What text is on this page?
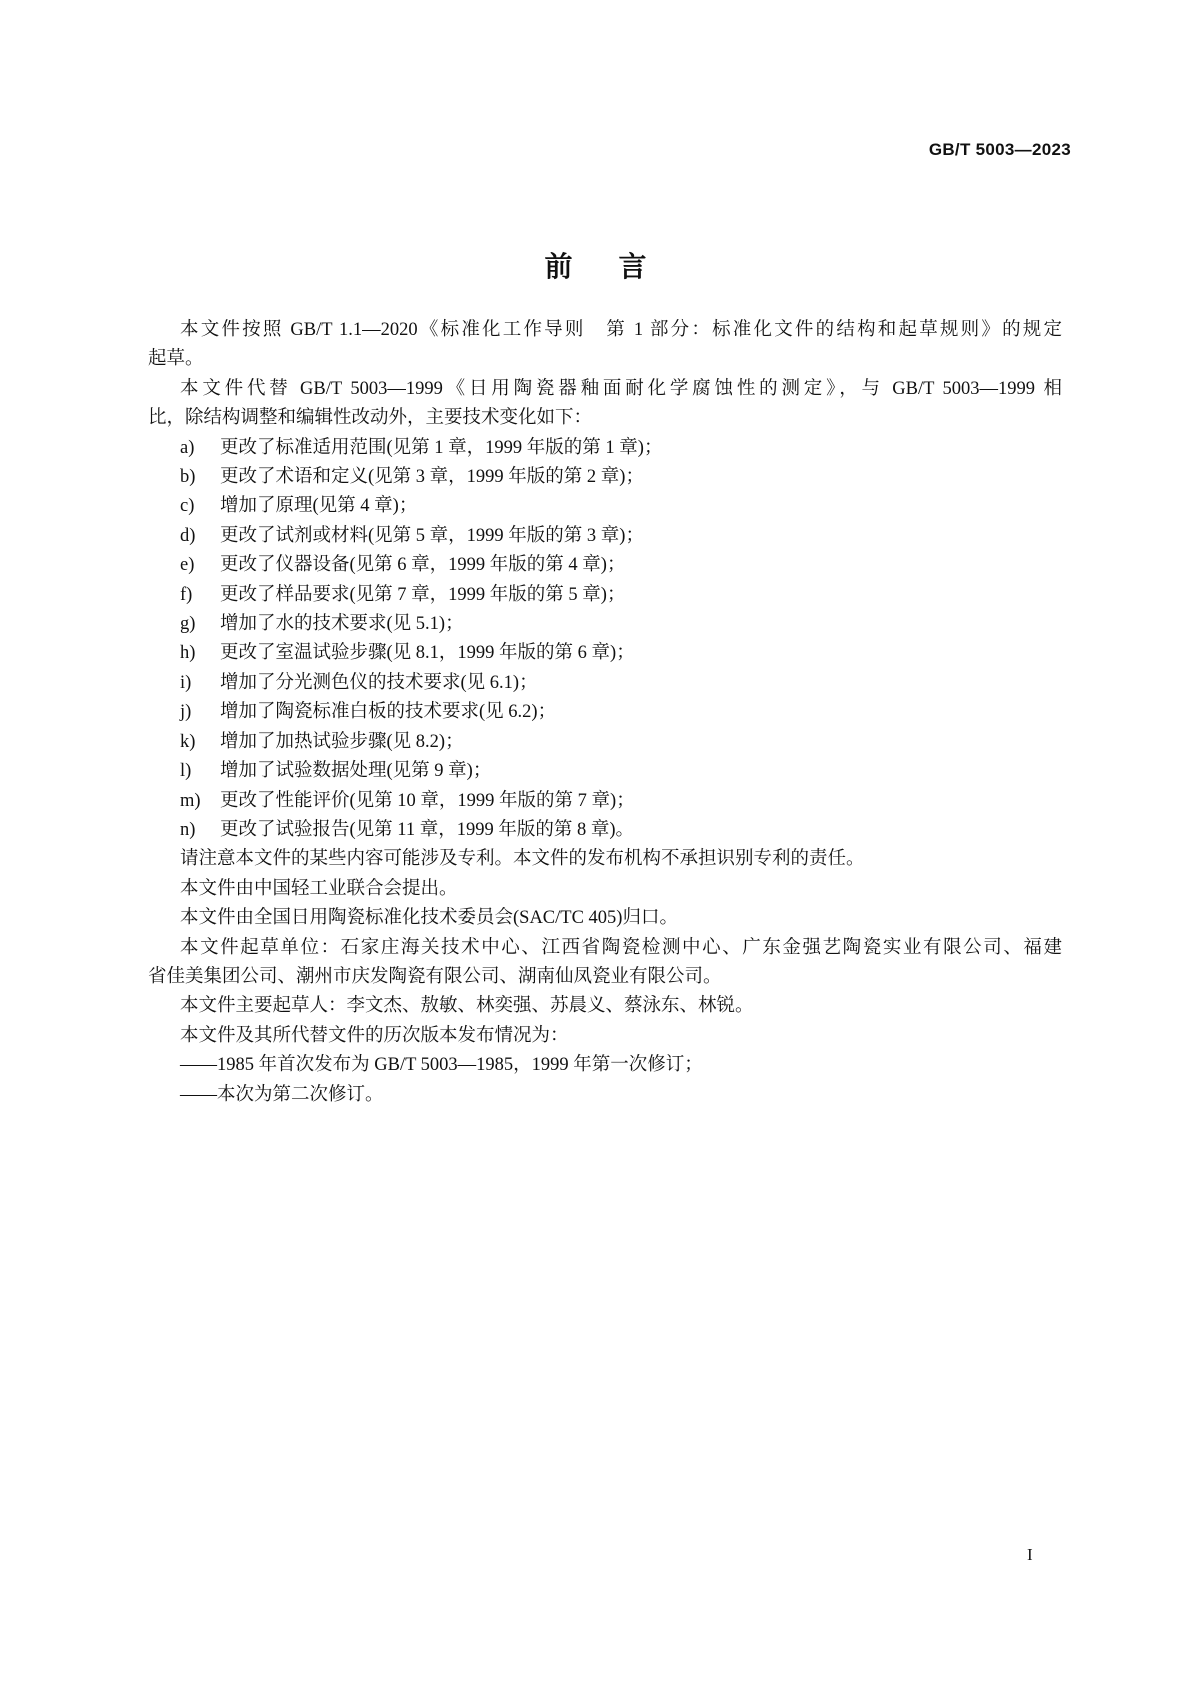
GB/T 5003—2023
前言
本文件按照 GB/T 1.1—2020《标准化工作导则　第 1 部分：标准化文件的结构和起草规则》的规定
起草。
本文件代替 GB/T 5003—1999《日用陶瓷器釉面耐化学腐蚀性的测定》，与 GB/T 5003—1999 相
比，除结构调整和编辑性改动外，主要技术变化如下：
a)	更改了标准适用范围(见第 1 章，1999 年版的第 1 章)；
b)	更改了术语和定义(见第 3 章，1999 年版的第 2 章)；
c)	增加了原理(见第 4 章)；
d)	更改了试剂或材料(见第 5 章，1999 年版的第 3 章)；
e)	更改了仪器设备(见第 6 章，1999 年版的第 4 章)；
f)	更改了样品要求(见第 7 章，1999 年版的第 5 章)；
g)	增加了水的技术要求(见 5.1)；
h)	更改了室温试验步骤(见 8.1，1999 年版的第 6 章)；
i)	增加了分光测色仪的技术要求(见 6.1)；
j)	增加了陶瓷标准白板的技术要求(见 6.2)；
k)	增加了加热试验步骤(见 8.2)；
l)	增加了试验数据处理(见第 9 章)；
m)	更改了性能评价(见第 10 章，1999 年版的第 7 章)；
n)	更改了试验报告(见第 11 章，1999 年版的第 8 章)。
请注意本文件的某些内容可能涉及专利。本文件的发布机构不承担识别专利的责任。
本文件由中国轻工业联合会提出。
本文件由全国日用陶瓷标准化技术委员会(SAC/TC 405)归口。
本文件起草单位：石家庄海关技术中心、江西省陶瓷检测中心、广东金强艺陶瓷实业有限公司、福建
省佳美集团公司、潮州市庆发陶瓷有限公司、湖南仙凤瓷业有限公司。
本文件主要起草人：李文杰、敖敏、林奕强、苏晨义、蔡泳东、林锐。
本文件及其所代替文件的历次版本发布情况为：
——1985 年首次发布为 GB/T 5003—1985，1999 年第一次修订；
——本次为第二次修订。
I
